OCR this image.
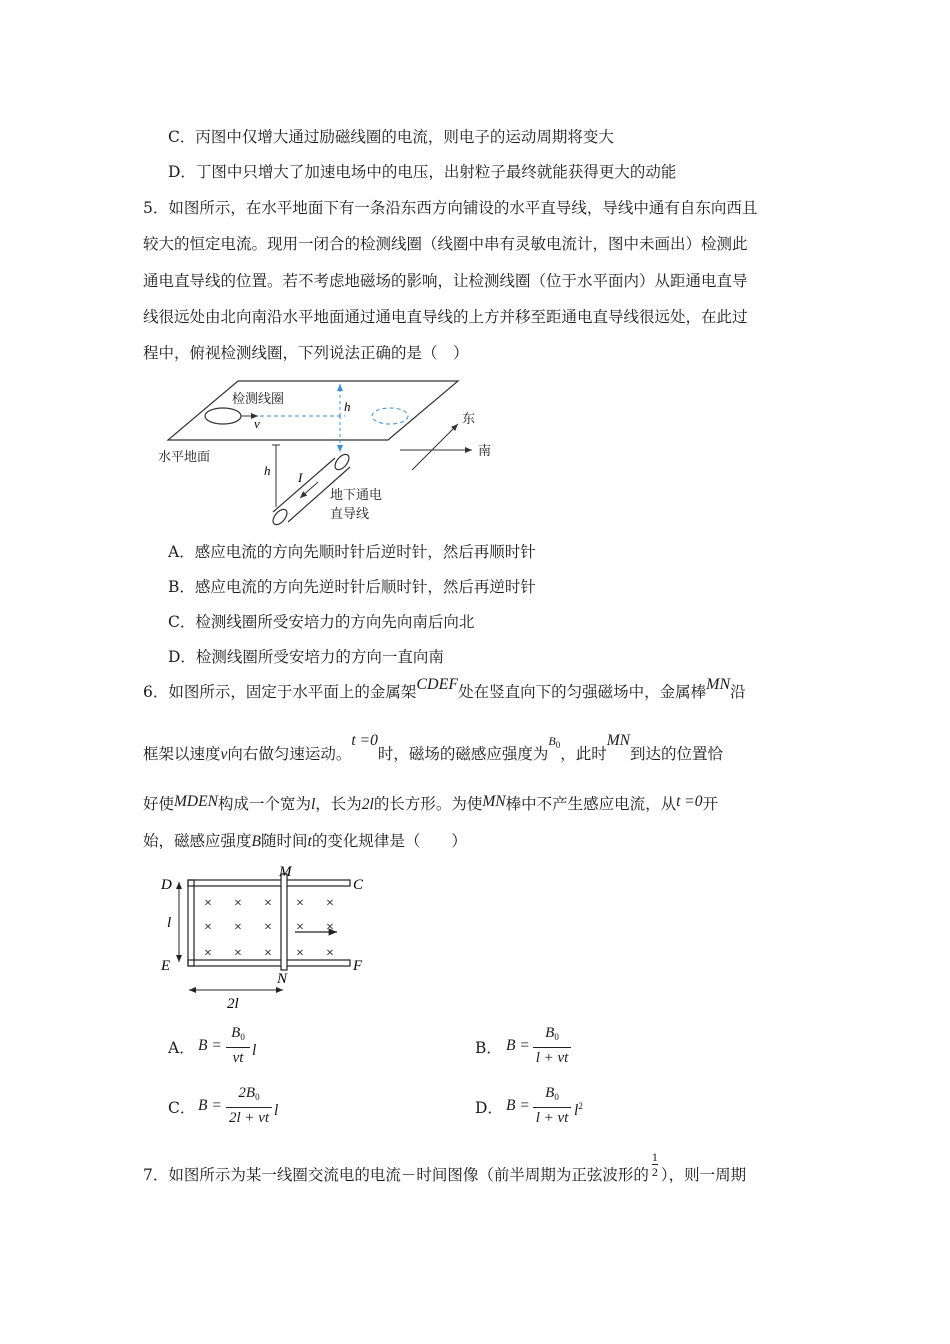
C．丙图中仅增大通过励磁线圈的电流，则电子的运动周期将变大
D．丁图中只增大了加速电场中的电压，出射粒子最终就能获得更大的动能
5．如图所示，在水平地面下有一条沿东西方向铺设的水平直导线，导线中通有自东向西且
较大的恒定电流。现用一闭合的检测线圈（线圈中串有灵敏电流计，图中未画出）检测此
通电直导线的位置。若不考虑地磁场的影响，让检测线圈（位于水平面内）从距通电直导
线很远处由北向南沿水平地面通过通电直导线的上方并移至距通电直导线很远处，在此过
程中，俯视检测线圈，下列说法正确的是（　）
h
h
v
I
检测线圈
水平地面
地下通电
直导线
东
南
A．感应电流的方向先顺时针后逆时针，然后再顺时针
B．感应电流的方向先逆时针后顺时针，然后再逆时针
C．检测线圈所受安培力的方向先向南后向北
D．检测线圈所受安培力的方向一直向南
6．如图所示，固定于水平面上的金属架CDEF处在竖直向下的匀强磁场中，金属棒MN沿
框架以速度v向右做匀速运动。t =0时，磁场的磁感应强度为$^{B_0}$，此时MN到达的位置恰
好使MDEN构成一个宽为l，长为2l的长方形。为使MN棒中不产生感应电流，从t =0开
始，磁感应强度B随时间t的变化规律是（　　）
× × × × ×
× × × × ×
× × × × ×
D	C
E	F
M
N
l
2l
A． B =
$B_0$
vt l	B． B =
$B_0$
l + vt
C． B =
$2B_0$
2l + vt l	D． B =
$B_0$
l + vt $l^2$
7．如图所示为某一线圈交流电的电流－时间图像（前半周期为正弦波形的 $\frac{1}{2}$ ），则一周期
